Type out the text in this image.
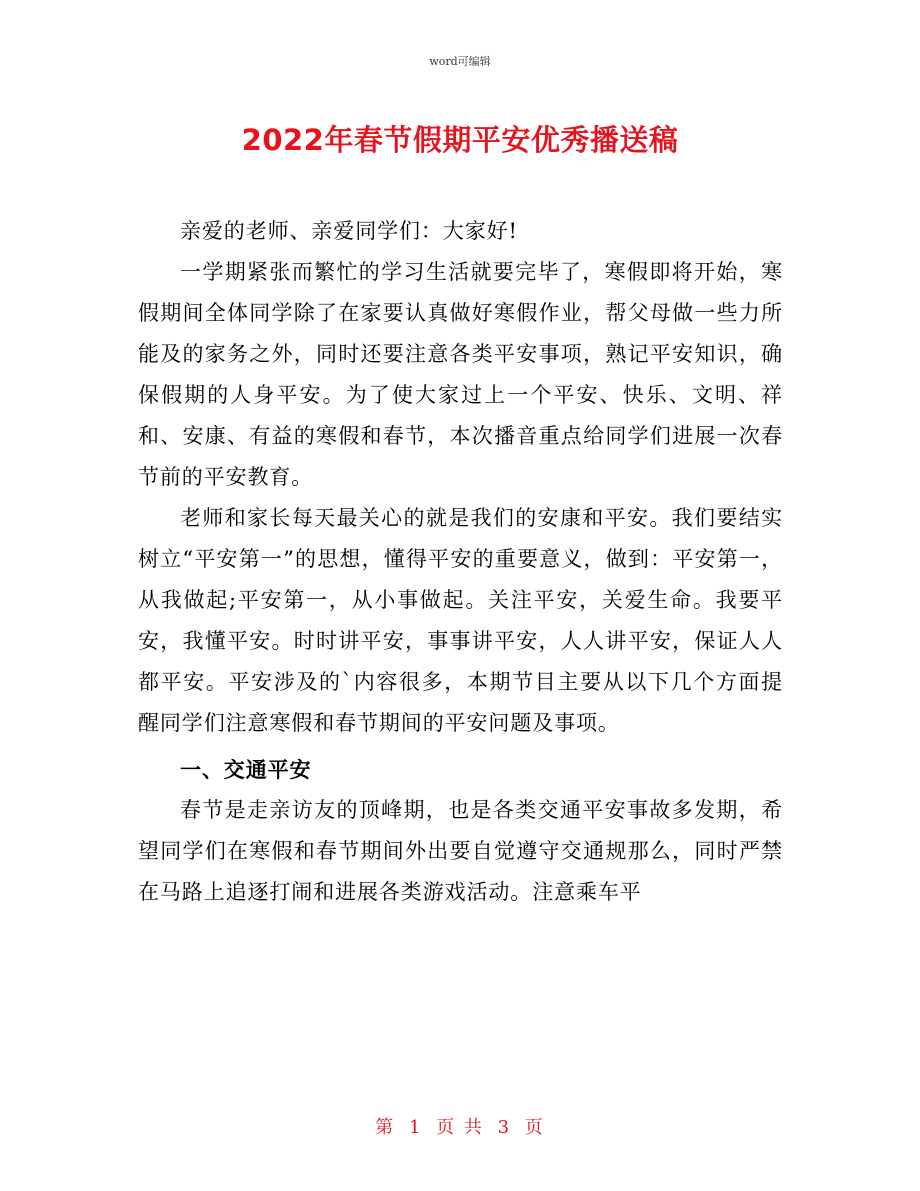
word可编辑
2022年春节假期平安优秀播送稿

亲爱的老师、亲爱同学们：大家好!

一学期紧张而繁忙的学习生活就要完毕了，寒假即将开始，寒假期间全体同学除了在家要认真做好寒假作业，帮父母做一些力所能及的家务之外，同时还要注意各类平安事项，熟记平安知识，确保假期的人身平安。为了使大家过上一个平安、快乐、文明、祥和、安康、有益的寒假和春节，本次播音重点给同学们进展一次春节前的平安教育。

老师和家长每天最关心的就是我们的安康和平安。我们要结实树立“平安第一”的思想，懂得平安的重要意义，做到：平安第一，从我做起;平安第一，从小事做起。关注平安，关爱生命。我要平安，我懂平安。时时讲平安，事事讲平安，人人讲平安，保证人人都平安。平安涉及的`内容很多，本期节目主要从以下几个方面提醒同学们注意寒假和春节期间的平安问题及事项。

一、交通平安

春节是走亲访友的顶峰期，也是各类交通平安事故多发期，希望同学们在寒假和春节期间外出要自觉遵守交通规那么，同时严禁在马路上追逐打闹和进展各类游戏活动。注意乘车平

第 1 页 共 3 页
